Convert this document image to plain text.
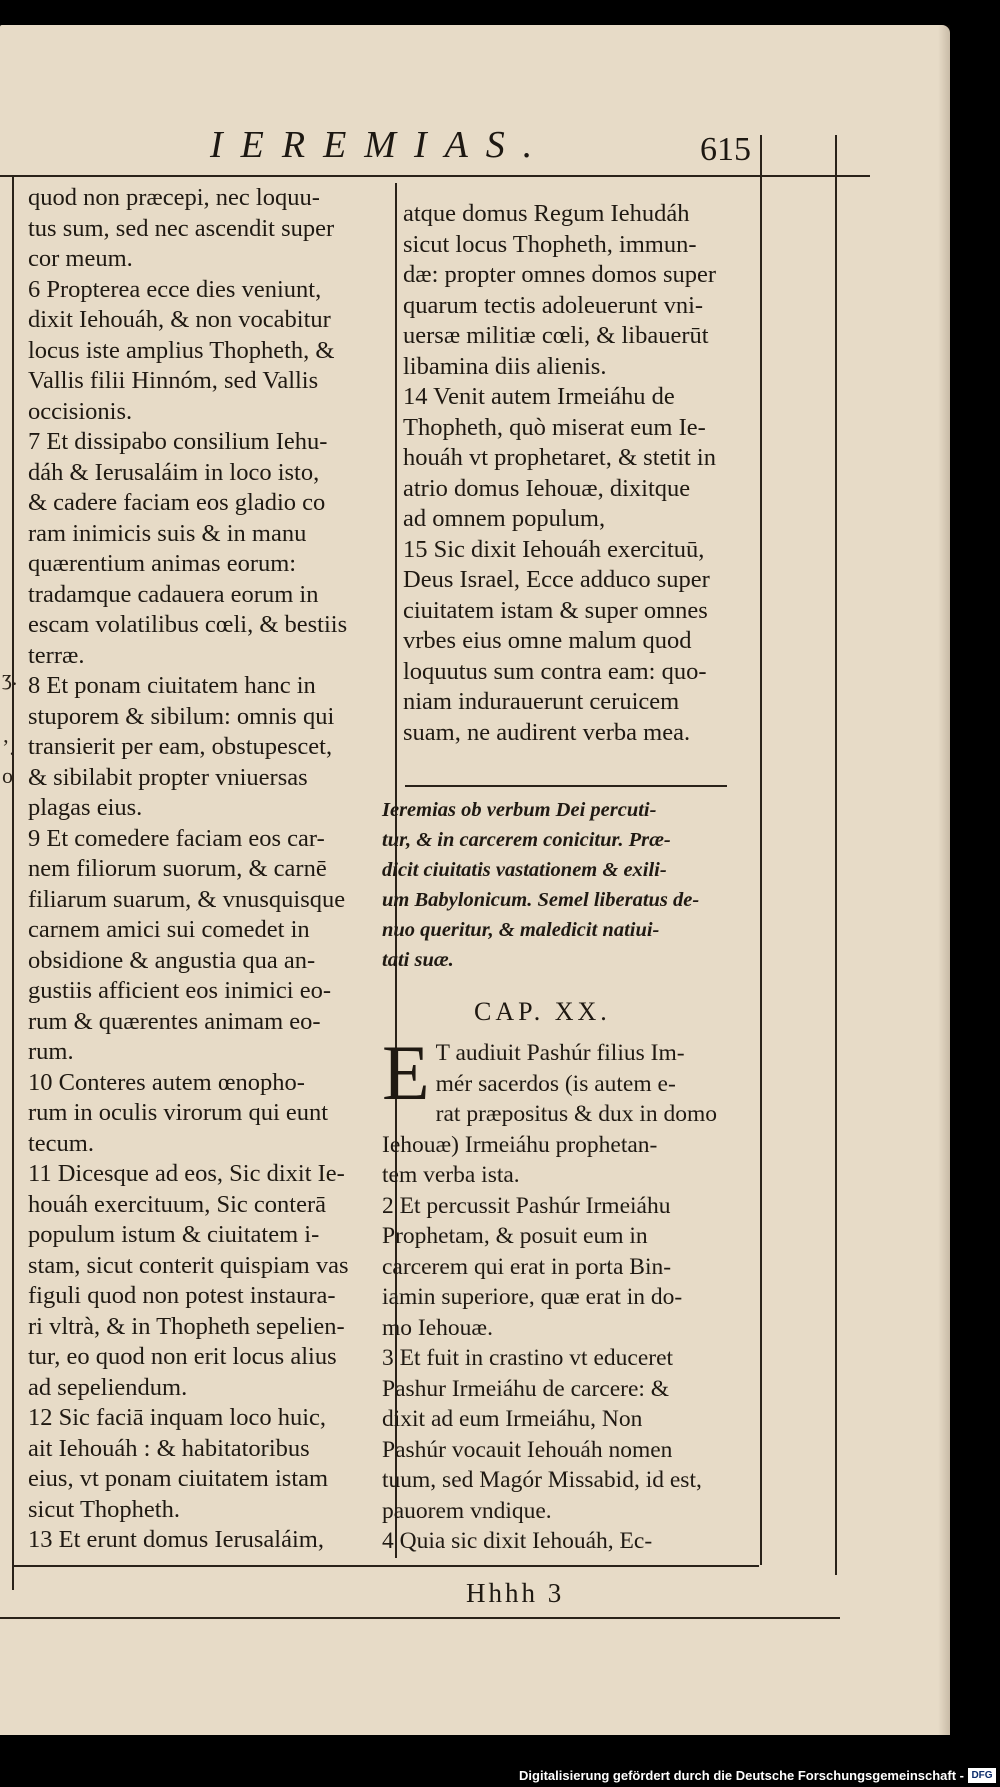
IEREMIAS.	615
ʒ.
ʼ.
o
quod non præcepi, nec loquu-
tus sum, sed nec ascendit super
cor meum.
6 Propterea ecce dies veniunt,
dixit Iehouáh, & non vocabitur
locus iste amplius Thopheth, &
Vallis filii Hinnóm, sed Vallis
occisionis.
7 Et dissipabo consilium Iehu-
dáh & Ierusaláim in loco isto,
& cadere faciam eos gladio co
ram inimicis suis & in manu
quærentium animas eorum:
tradamque cadauera eorum in
escam volatilibus cœli, & bestiis
terræ.
8 Et ponam ciuitatem hanc in
stuporem & sibilum: omnis qui
transierit per eam, obstupescet,
& sibilabit propter vniuersas
plagas eius.
9 Et comedere faciam eos car-
nem filiorum suorum, & carnē
filiarum suarum, & vnusquisque
carnem amici sui comedet in
obsidione & angustia qua an-
gustiis afficient eos inimici eo-
rum & quærentes animam eo-
rum.
10 Conteres autem œnopho-
rum in oculis virorum qui eunt
tecum.
11 Dicesque ad eos, Sic dixit Ie-
houáh exercituum, Sic conterā
populum istum & ciuitatem i-
stam, sicut conterit quispiam vas
figuli quod non potest instaura-
ri vltrà, & in Thopheth sepelien-
tur, eo quod non erit locus alius
ad sepeliendum.
12 Sic faciā inquam loco huic,
ait Iehouáh : & habitatoribus
eius, vt ponam ciuitatem istam
sicut Thopheth.
13 Et erunt domus Ierusaláim,
atque domus Regum Iehudáh
sicut locus Thopheth, immun-
dæ: propter omnes domos super
quarum tectis adoleuerunt vni-
uersæ militiæ cœli, & libauerūt
libamina diis alienis.
14 Venit autem Irmeiáhu de
Thopheth, quò miserat eum Ie-
houáh vt prophetaret, & stetit in
atrio domus Iehouæ, dixitque
ad omnem populum,
15 Sic dixit Iehouáh exercituū,
Deus Israel, Ecce adduco super
ciuitatem istam & super omnes
vrbes eius omne malum quod
loquutus sum contra eam: quo-
niam indurauerunt ceruicem
suam, ne audirent verba mea.
Ieremias ob verbum Dei percuti-
tur, & in carcerem conicitur. Præ-
dicit ciuitatis vastationem & exili-
um Babylonicum. Semel liberatus de-
nuo queritur, & maledicit natiui-
tati suæ.
CAP. XX.
E T audiuit Pashúr filius Im-
mér sacerdos (is autem e-
rat præpositus & dux in domo
Iehouæ) Irmeiáhu prophetan-
tem verba ista.
2 Et percussit Pashúr Irmeiáhu
Prophetam, & posuit eum in
carcerem qui erat in porta Bin-
iamin superiore, quæ erat in do-
mo Iehouæ.
3 Et fuit in crastino vt educeret
Pashur Irmeiáhu de carcere: &
dixit ad eum Irmeiáhu, Non
Pashúr vocauit Iehouáh nomen
tuum, sed Magór Missabid, id est,
pauorem vndique.
4 Quia sic dixit Iehouáh, Ec-
Hhhh 3
Digitalisierung gefördert durch die Deutsche Forschungsgemeinschaft - DFG
